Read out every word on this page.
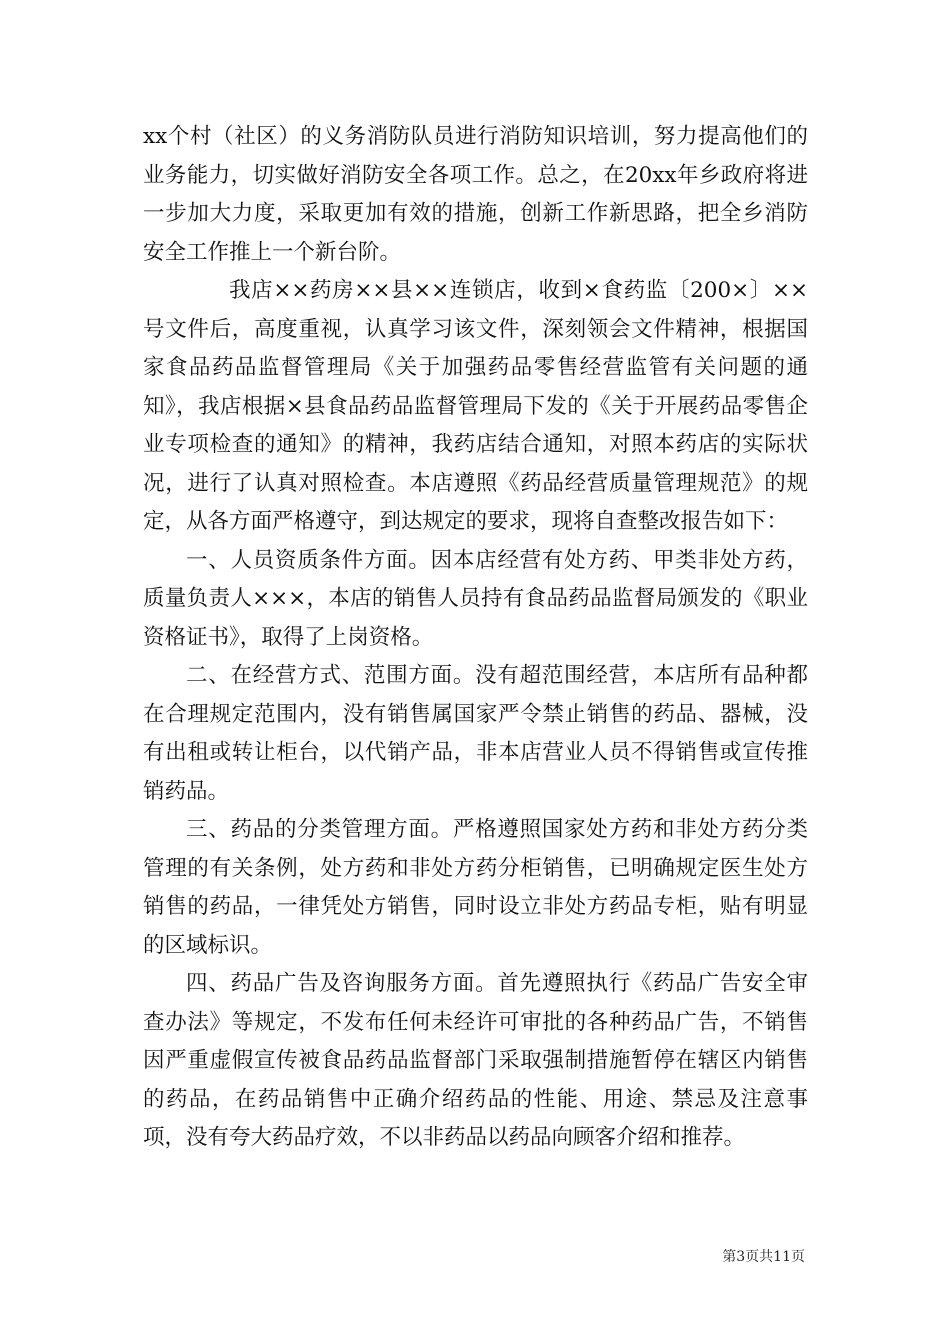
xx个村（社区）的义务消防队员进行消防知识培训，努力提高他们的业务能力，切实做好消防安全各项工作。总之，在20xx年乡政府将进一步加大力度，采取更加有效的措施，创新工作新思路，把全乡消防安全工作推上一个新台阶。

我店××药房××县××连锁店，收到×食药监〔200×〕××号文件后，高度重视，认真学习该文件，深刻领会文件精神，根据国家食品药品监督管理局《关于加强药品零售经营监管有关问题的通知》，我店根据×县食品药品监督管理局下发的《关于开展药品零售企业专项检查的通知》的精神，我药店结合通知，对照本药店的实际状况，进行了认真对照检查。本店遵照《药品经营质量管理规范》的规定，从各方面严格遵守，到达规定的要求，现将自查整改报告如下：

一、人员资质条件方面。因本店经营有处方药、甲类非处方药，质量负责人×××，本店的销售人员持有食品药品监督局颁发的《职业资格证书》，取得了上岗资格。

二、在经营方式、范围方面。没有超范围经营，本店所有品种都在合理规定范围内，没有销售属国家严令禁止销售的药品、器械，没有出租或转让柜台，以代销产品，非本店营业人员不得销售或宣传推销药品。

三、药品的分类管理方面。严格遵照国家处方药和非处方药分类管理的有关条例，处方药和非处方药分柜销售，已明确规定医生处方销售的药品，一律凭处方销售，同时设立非处方药品专柜，贴有明显的区域标识。

四、药品广告及咨询服务方面。首先遵照执行《药品广告安全审查办法》等规定，不发布任何未经许可审批的各种药品广告，不销售因严重虚假宣传被食品药品监督部门采取强制措施暂停在辖区内销售的药品，在药品销售中正确介绍药品的性能、用途、禁忌及注意事项，没有夸大药品疗效，不以非药品以药品向顾客介绍和推荐。

第3页共11页
